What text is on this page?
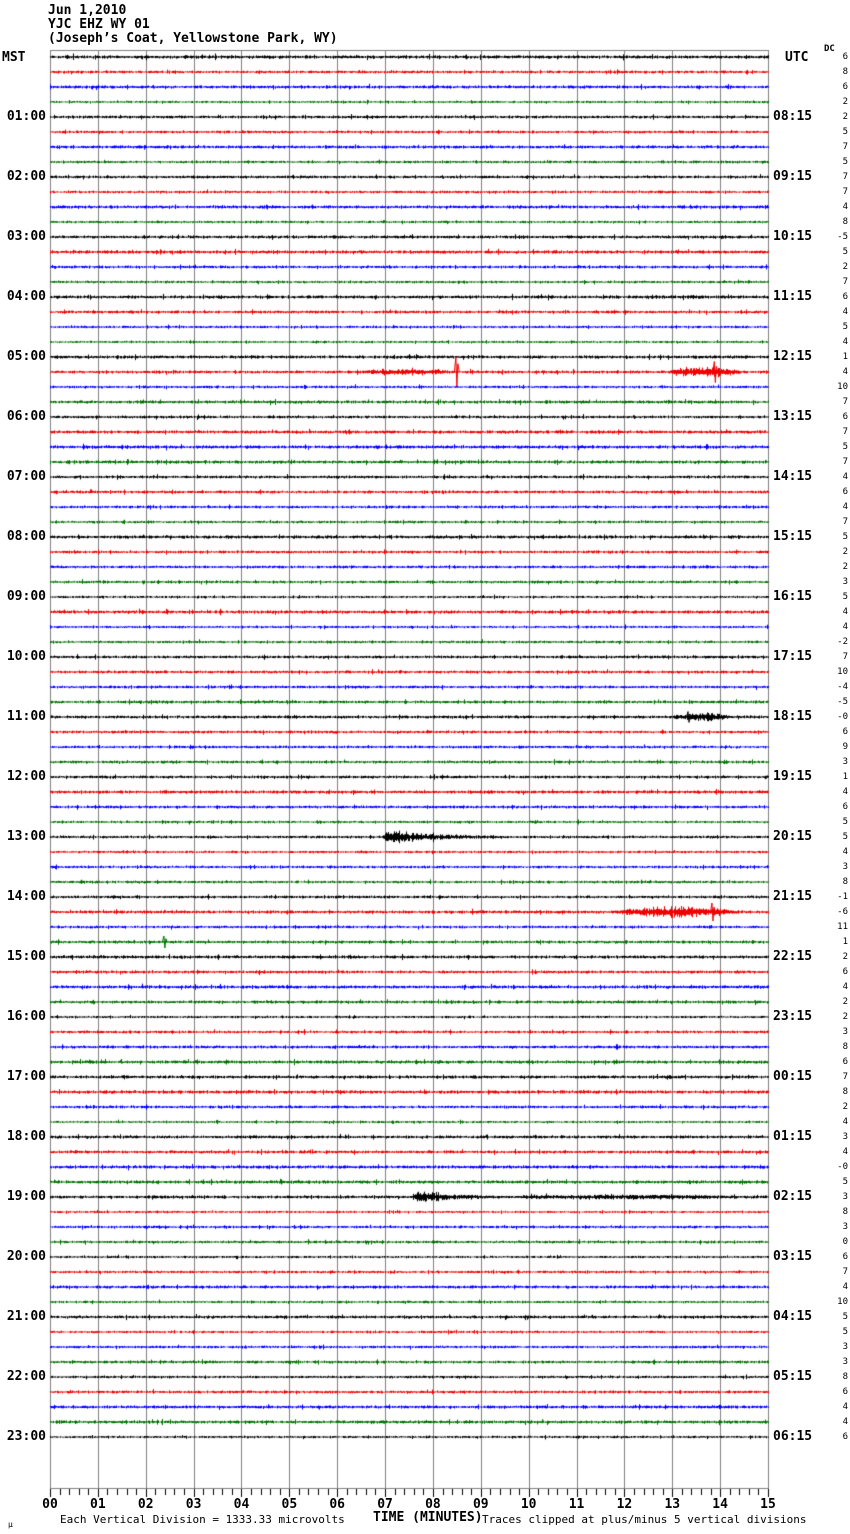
Jun 1,2010
YJC EHZ WY 01
(Joseph’s Coat, Yellowstone Park, WY)
MST	UTC
DC
01:00
02:00
03:00
04:00
05:00
06:00
07:00
08:00
09:00
10:00
11:00
12:00
13:00
14:00
15:00
16:00
17:00
18:00
19:00
20:00
21:00
22:00
23:00
08:15
09:15
10:15
11:15
12:15
13:15
14:15
15:15
16:15
17:15
18:15
19:15
20:15
21:15
22:15
23:15
00:15
01:15
02:15
03:15
04:15
05:15
06:15
6
8
6
2
2
5
7
5
7
7
4
8
-5
5
2
7
6
4
5
4
1
4
10
7
6
7
5
7
4
6
4
7
5
2
2
3
5
4
4
-2
7
10
-4
-5
-0
6
9
3
1
4
6
5
5
4
3
8
-1
-6
11
1
2
6
4
2
2
3
8
6
7
8
2
4
3
4
-0
5
3
8
3
0
6
7
4
10
5
5
3
3
8
6
4
4
6
00 01 02 03 04 05 06 07 08 09 10 11 12 13 14 15
μ	Each Vertical Division = 1333.33 microvolts TIME (MINUTES) Traces clipped at plus/minus 5 vertical divisions
